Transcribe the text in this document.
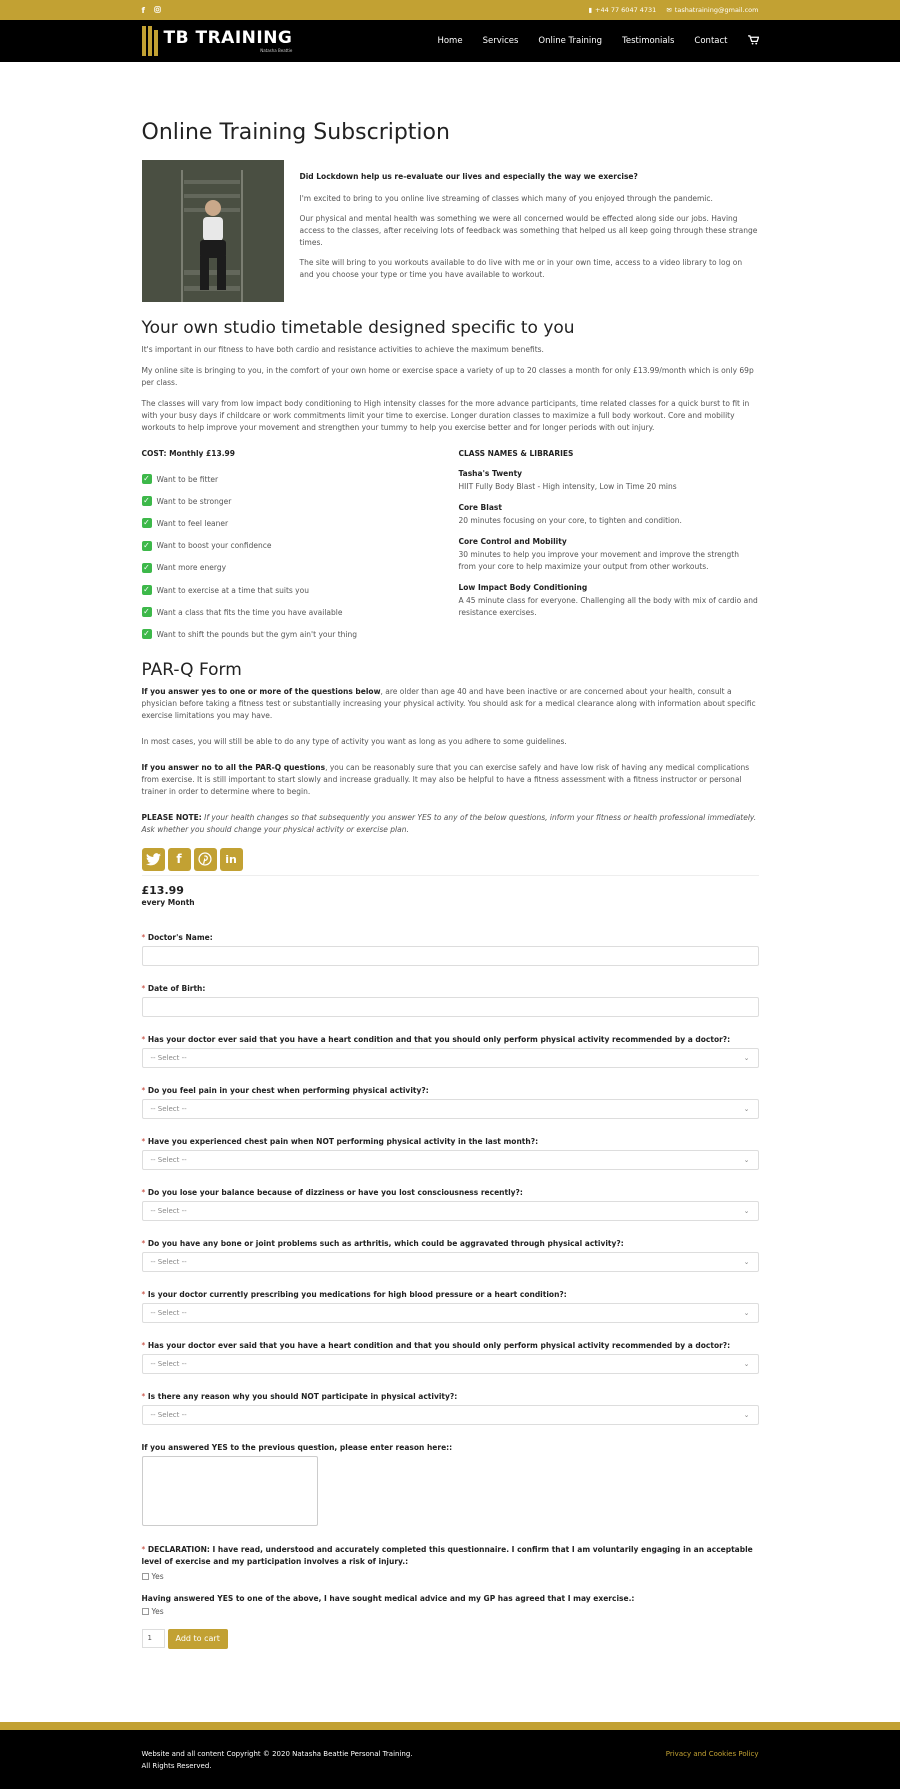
f	▮ +44 77 6047 4731 ✉ tashatraining@gmail.com
TB TRAINING
Natasha Beattie
Home Services Online Training Testimonials Contact
Online Training Subscription

Did Lockdown help us re-evaluate our lives and especially the way we exercise?

I'm excited to bring to you online live streaming of classes which many of you enjoyed through the pandemic.

Our physical and mental health was something we were all concerned would be effected along side our jobs. Having access to the classes, after receiving lots of feedback was something that helped us all keep going through these strange times.

The site will bring to you workouts available to do live with me or in your own time, access to a video library to log on and you choose your type or time you have available to workout.

Your own studio timetable designed specific to you

It's important in our fitness to have both cardio and resistance activities to achieve the maximum benefits.

My online site is bringing to you, in the comfort of your own home or exercise space a variety of up to 20 classes a month for only £13.99/month which is only 69p per class.

The classes will vary from low impact body conditioning to High intensity classes for the more advance participants, time related classes for a quick burst to fit in with your busy days if childcare or work commitments limit your time to exercise. Longer duration classes to maximize a full body workout. Core and mobility workouts to help improve your movement and strengthen your tummy to help you exercise better and for longer periods with out injury.

COST: Monthly £13.99
✓ Want to be fitter
✓ Want to be stronger
✓ Want to feel leaner
✓ Want to boost your confidence
✓ Want more energy
✓ Want to exercise at a time that suits you
✓ Want a class that fits the time you have available
✓ Want to shift the pounds but the gym ain't your thing
CLASS NAMES & LIBRARIES
Tasha's Twenty
HIIT Fully Body Blast - High intensity, Low in Time 20 mins
Core Blast
20 minutes focusing on your core, to tighten and condition.
Core Control and Mobility
30 minutes to help you improve your movement and improve the strength from your core to help maximize your output from other workouts.
Low Impact Body Conditioning
A 45 minute class for everyone. Challenging all the body with mix of cardio and resistance exercises.
PAR-Q Form

If you answer yes to one or more of the questions below, are older than age 40 and have been inactive or are concerned about your health, consult a physician before taking a fitness test or substantially increasing your physical activity. You should ask for a medical clearance along with information about specific exercise limitations you may have.

In most cases, you will still be able to do any type of activity you want as long as you adhere to some guidelines.

If you answer no to all the PAR-Q questions, you can be reasonably sure that you can exercise safely and have low risk of having any medical complications from exercise. It is still important to start slowly and increase gradually. It may also be helpful to have a fitness assessment with a fitness instructor or personal trainer in order to determine where to begin.

PLEASE NOTE: If your health changes so that subsequently you answer YES to any of the below questions, inform your fitness or health professional immediately. Ask whether you should change your physical activity or exercise plan.

f	in
£13.99
every Month
* Doctor's Name:
* Date of Birth:
* Has your doctor ever said that you have a heart condition and that you should only perform physical activity recommended by a doctor?:
-- Select --	⌄
* Do you feel pain in your chest when performing physical activity?:
-- Select --	⌄
* Have you experienced chest pain when NOT performing physical activity in the last month?:
-- Select --	⌄
* Do you lose your balance because of dizziness or have you lost consciousness recently?:
-- Select --	⌄
* Do you have any bone or joint problems such as arthritis, which could be aggravated through physical activity?:
-- Select --	⌄
* Is your doctor currently prescribing you medications for high blood pressure or a heart condition?:
-- Select --	⌄
* Has your doctor ever said that you have a heart condition and that you should only perform physical activity recommended by a doctor?:
-- Select --	⌄
* Is there any reason why you should NOT participate in physical activity?:
-- Select --	⌄
If you answered YES to the previous question, please enter reason here::
* DECLARATION: I have read, understood and accurately completed this questionnaire. I confirm that I am voluntarily engaging in an acceptable level of exercise and my participation involves a risk of injury.:
Yes
Having answered YES to one of the above, I have sought medical advice and my GP has agreed that I may exercise.:
Yes
1	Add to cart
Website and all content Copyright © 2020 Natasha Beattie Personal Training.
All Rights Reserved.
Privacy and Cookies Policy
